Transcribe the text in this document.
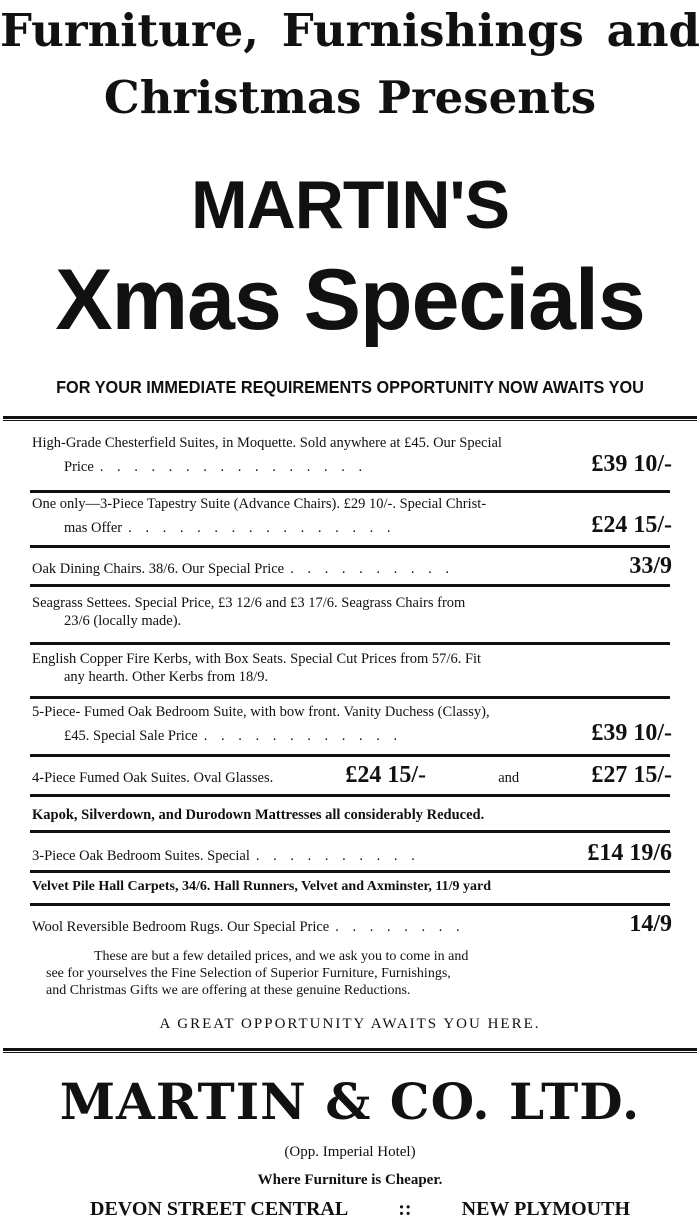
Furniture, Furnishings and
Christmas Presents
MARTIN'S
Xmas Specials
FOR YOUR IMMEDIATE REQUIREMENTS OPPORTUNITY NOW AWAITS YOU
High-Grade Chesterfield Suites, in Moquette. Sold anywhere at £45. Our Special
Price . . . . . . . . . . . . . . . .	£39 10/-
One only—3-Piece Tapestry Suite (Advance Chairs). £29 10/-. Special Christ-
mas Offer . . . . . . . . . . . . . . . .	£24 15/-
Oak Dining Chairs. 38/6. Our Special Price . . . . . . . . . .	33/9
Seagrass Settees. Special Price, £3 12/6 and £3 17/6. Seagrass Chairs from
23/6 (locally made).
English Copper Fire Kerbs, with Box Seats. Special Cut Prices from 57/6. Fit
any hearth. Other Kerbs from 18/9.
5-Piece- Fumed Oak Bedroom Suite, with bow front. Vanity Duchess (Classy),
£45. Special Sale Price . . . . . . . . . . . .	£39 10/-
4-Piece Fumed Oak Suites. Oval Glasses.	£24 15/-	and	£27 15/-
Kapok, Silverdown, and Durodown Mattresses all considerably Reduced.
3-Piece Oak Bedroom Suites. Special . . . . . . . . . .	£14 19/6
Velvet Pile Hall Carpets, 34/6. Hall Runners, Velvet and Axminster, 11/9 yard
Wool Reversible Bedroom Rugs. Our Special Price . . . . . . . .	14/9
These are but a few detailed prices, and we ask you to come in and
see for yourselves the Fine Selection of Superior Furniture, Furnishings,
and Christmas Gifts we are offering at these genuine Reductions.
A GREAT OPPORTUNITY AWAITS YOU HERE.
MARTIN & CO. LTD.
(Opp. Imperial Hotel)
Where Furniture is Cheaper.
DEVON STREET CENTRAL	::	NEW PLYMOUTH
